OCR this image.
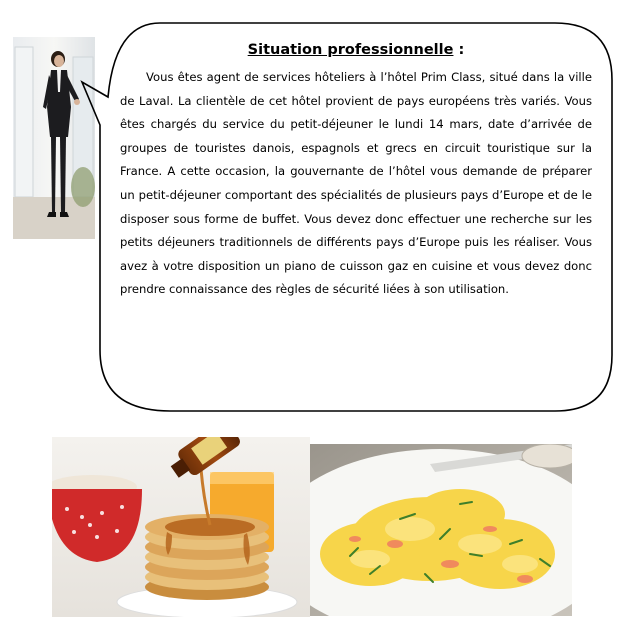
Situation professionnelle :

Vous êtes agent de services hôteliers à l’hôtel Prim Class, situé dans la ville de Laval. La clientèle de cet hôtel provient de pays européens très variés. Vous êtes chargés du service du petit-déjeuner le lundi 14 mars, date d’arrivée de groupes de touristes danois, espagnols et grecs en circuit touristique sur la France. A cette occasion, la gouvernante de l’hôtel vous demande de préparer un petit-déjeuner comportant des spécialités de plusieurs pays d’Europe et de le disposer sous forme de buffet. Vous devez donc effectuer une recherche sur les petits déjeuners traditionnels de différents pays d’Europe puis les réaliser. Vous avez à votre disposition un piano de cuisson gaz en cuisine et vous devez donc prendre connaissance des règles de sécurité liées à son utilisation.
